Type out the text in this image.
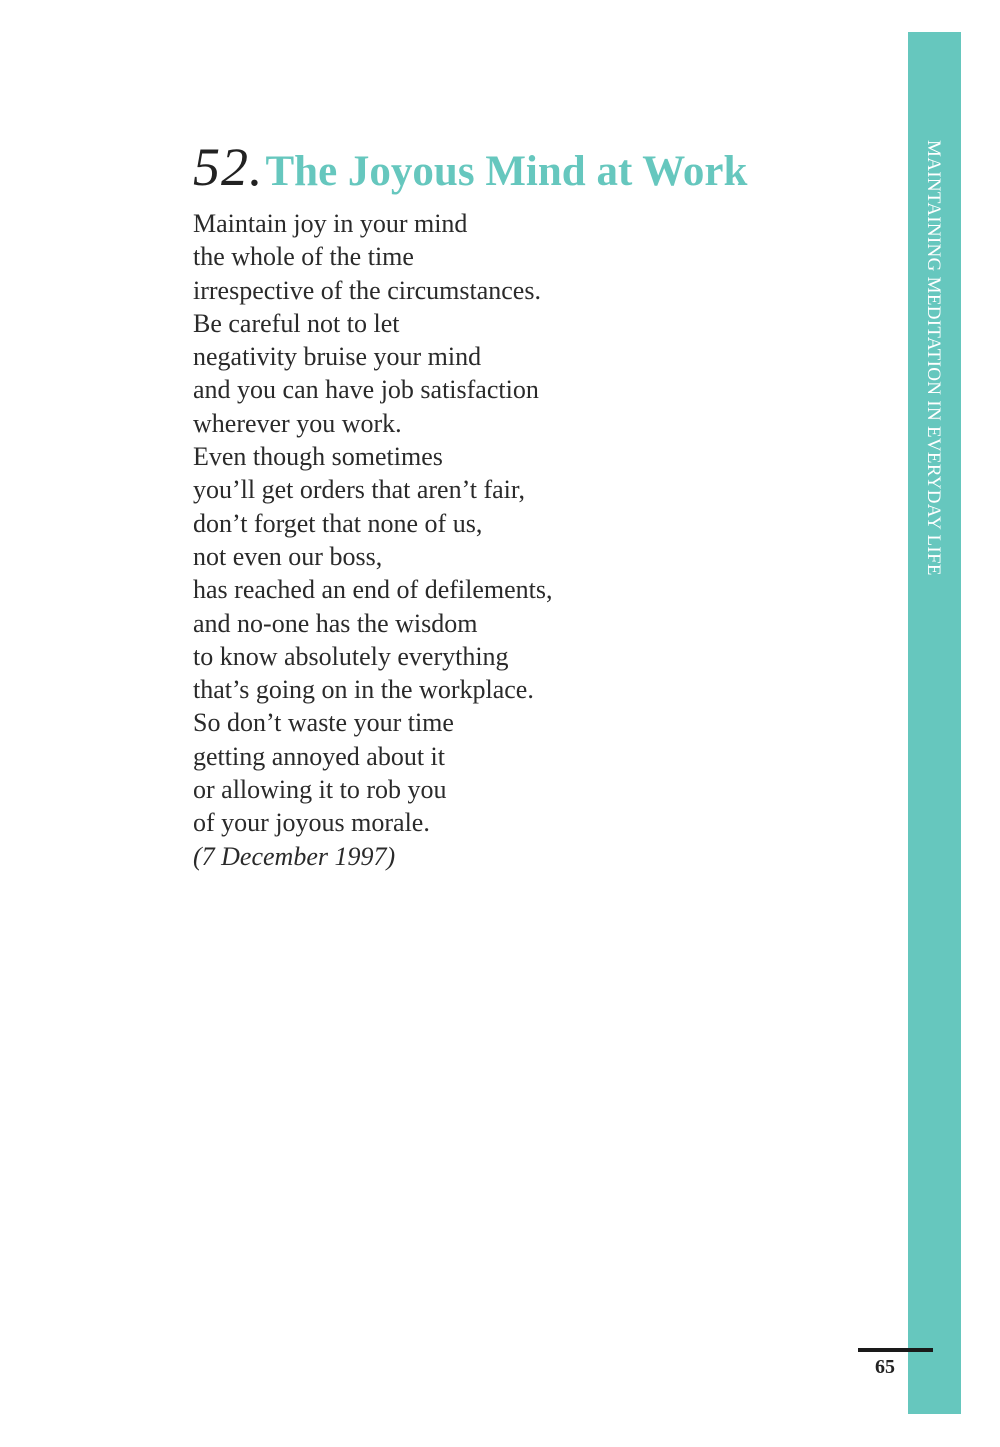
MAINTAINING MEDITATION IN EVERYDAY LIFE
52.The Joyous Mind at Work
Maintain joy in your mind
the whole of the time
irrespective of the circumstances.
Be careful not to let
negativity bruise your mind
and you can have job satisfaction
wherever you work.
Even though sometimes
you’ll get orders that aren’t fair,
don’t forget that none of us,
not even our boss,
has reached an end of defilements,
and no-one has the wisdom
to know absolutely everything
that’s going on in the workplace.
So don’t waste your time
getting annoyed about it
or allowing it to rob you
of your joyous morale.
(7 December 1997)
65
